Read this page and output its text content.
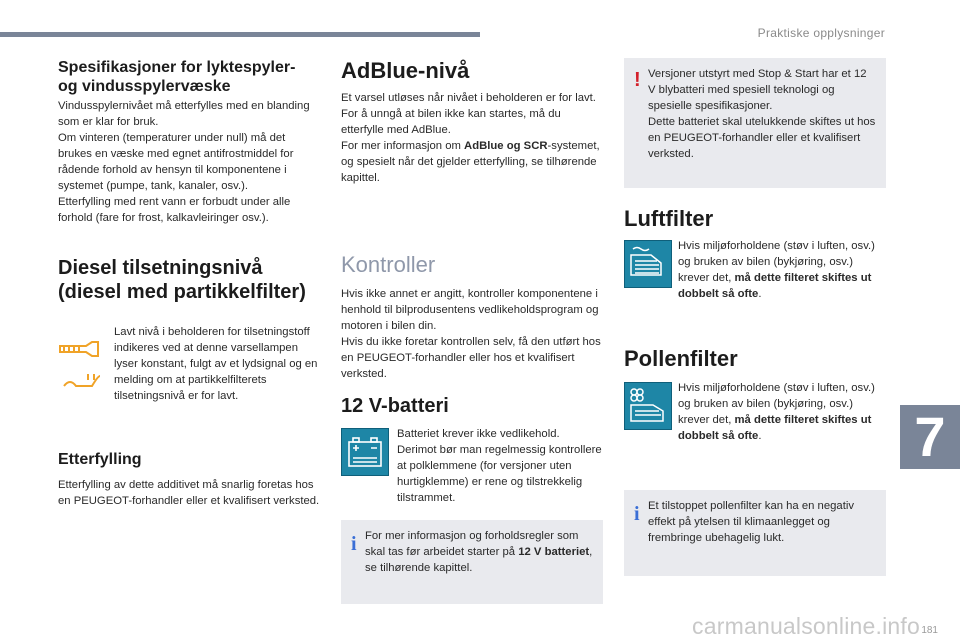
Praktiske opplysninger
7
carmanualsonline.info 181
Spesifikasjoner for lyktespyler- og vindusspylervæske

Vindusspylernivået må etterfylles med en blanding som er klar for bruk.
Om vinteren (temperaturer under null) må det brukes en væske med egnet antifrostmiddel for rådende forhold av hensyn til komponentene i systemet (pumpe, tank, kanaler, osv.).
Etterfylling med rent vann er forbudt under alle forhold (fare for frost, kalkavleiringer osv.).

Diesel tilsetningsnivå (diesel med partikkelfilter)

Lavt nivå i beholderen for tilsetningstoff indikeres ved at denne varsellampen lyser konstant, fulgt av et lydsignal og en melding om at partikkelfilterets tilsetningsnivå er for lavt.

Etterfylling

Etterfylling av dette additivet må snarlig foretas hos en PEUGEOT-forhandler eller et kvalifisert verksted.

AdBlue-nivå

Et varsel utløses når nivået i beholderen er for lavt.
For å unngå at bilen ikke kan startes, må du etterfylle med AdBlue.
For mer informasjon om AdBlue og SCR-systemet, og spesielt når det gjelder etterfylling, se tilhørende kapittel.

Kontroller

Hvis ikke annet er angitt, kontroller komponentene i henhold til bilprodusentens vedlikeholdsprogram og motoren i bilen din.
Hvis du ikke foretar kontrollen selv, få den utført hos en PEUGEOT-forhandler eller hos et kvalifisert verksted.

12 V-batteri

Batteriet krever ikke vedlikehold.
Derimot bør man regelmessig kontrollere at polklemmene (for versjoner uten hurtigklemme) er rene og tilstrekkelig tilstrammet.

i For mer informasjon og forholdsregler som skal tas før arbeidet starter på 12 V batteriet, se tilhørende kapittel.

! Versjoner utstyrt med Stop & Start har et 12 V blybatteri med spesiell teknologi og spesielle spesifikasjoner.
Dette batteriet skal utelukkende skiftes ut hos en PEUGEOT-forhandler eller et kvalifisert verksted.

Luftfilter

Hvis miljøforholdene (støv i luften, osv.) og bruken av bilen (bykjøring, osv.) krever det, må dette filteret skiftes ut dobbelt så ofte.

Pollenfilter

Hvis miljøforholdene (støv i luften, osv.) og bruken av bilen (bykjøring, osv.) krever det, må dette filteret skiftes ut dobbelt så ofte.

i Et tilstoppet pollenfilter kan ha en negativ effekt på ytelsen til klimaanlegget og frembringe ubehagelig lukt.
